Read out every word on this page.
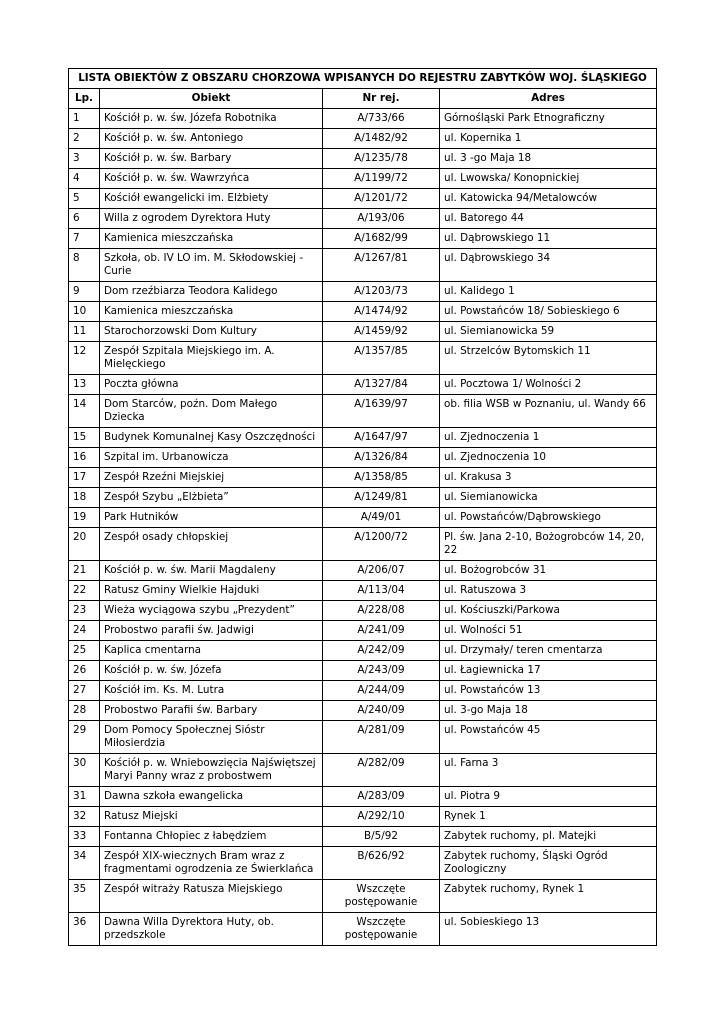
LISTA OBIEKTÓW Z OBSZARU CHORZOWA WPISANYCH DO REJESTRU ZABYTKÓW WOJ. ŚLĄSKIEGO			
Lp.	Obiekt	Nr rej.	Adres
1	Kościół p. w. św. Józefa Robotnika	A/733/66	Górnośląski Park Etnograficzny
2	Kościół p. w. św. Antoniego	A/1482/92	ul. Kopernika 1
3	Kościół p. w. św. Barbary	A/1235/78	ul. 3 -go Maja 18
4	Kościół p. w. św. Wawrzyńca	A/1199/72	ul. Lwowska/ Konopnickiej
5	Kościół ewangelicki im. Elżbiety	A/1201/72	ul. Katowicka 94/Metalowców
6	Willa z ogrodem Dyrektora Huty	A/193/06	ul. Batorego 44
7	Kamienica mieszczańska	A/1682/99	ul. Dąbrowskiego 11
8	Szkoła, ob. IV LO im. M. Skłodowskiej - Curie	A/1267/81	ul. Dąbrowskiego 34
9	Dom rzeźbiarza Teodora Kalidego	A/1203/73	ul. Kalidego 1
10	Kamienica mieszczańska	A/1474/92	ul. Powstańców 18/ Sobieskiego 6
11	Starochorzowski Dom Kultury	A/1459/92	ul. Siemianowicka 59
12	Zespół Szpitala Miejskiego im. A. Mielęckiego	A/1357/85	ul. Strzelców Bytomskich 11
13	Poczta główna	A/1327/84	ul. Pocztowa 1/ Wolności 2
14	Dom Starców, poźn. Dom Małego Dziecka	A/1639/97	ob. filia WSB w Poznaniu, ul. Wandy 66
15	Budynek Komunalnej Kasy Oszczędności	A/1647/97	ul. Zjednoczenia 1
16	Szpital im. Urbanowicza	A/1326/84	ul. Zjednoczenia 10
17	Zespół Rzeźni Miejskiej	A/1358/85	ul. Krakusa 3
18	Zespół Szybu „Elżbieta”	A/1249/81	ul. Siemianowicka
19	Park Hutników	A/49/01	ul. Powstańców/Dąbrowskiego
20	Zespół osady chłopskiej	A/1200/72	Pl. św. Jana 2-10, Bożogrobców 14, 20, 22
21	Kościół p. w. św. Marii Magdaleny	A/206/07	ul. Bożogrobców 31
22	Ratusz Gminy Wielkie Hajduki	A/113/04	ul. Ratuszowa 3
23	Wieża wyciągowa szybu „Prezydent”	A/228/08	ul. Kościuszki/Parkowa
24	Probostwo parafii św. Jadwigi	A/241/09	ul. Wolności 51
25	Kaplica cmentarna	A/242/09	ul. Drzymały/ teren cmentarza
26	Kościół p. w. św. Józefa	A/243/09	ul. Łagiewnicka 17
27	Kościół im. Ks. M. Lutra	A/244/09	ul. Powstańców 13
28	Probostwo Parafii św. Barbary	A/240/09	ul. 3-go Maja 18
29	Dom Pomocy Społecznej Sióstr Miłosierdzia	A/281/09	ul. Powstańców 45
30	Kościół p. w. Wniebowzięcia Najświętszej Maryi Panny wraz z probostwem	A/282/09	ul. Farna 3
31	Dawna szkoła ewangelicka	A/283/09	ul. Piotra 9
32	Ratusz Miejski	A/292/10	Rynek 1
33	Fontanna Chłopiec z łabędziem	B/5/92	Zabytek ruchomy, pl. Matejki
34	Zespół XIX-wiecznych Bram wraz z fragmentami ogrodzenia ze Świerklańca	B/626/92	Zabytek ruchomy, Śląski Ogród Zoologiczny
35	Zespół witraży Ratusza Miejskiego	Wszczęte postępowanie	Zabytek ruchomy, Rynek 1
36	Dawna Willa Dyrektora Huty, ob. przedszkole	Wszczęte postępowanie	ul. Sobieskiego 13
